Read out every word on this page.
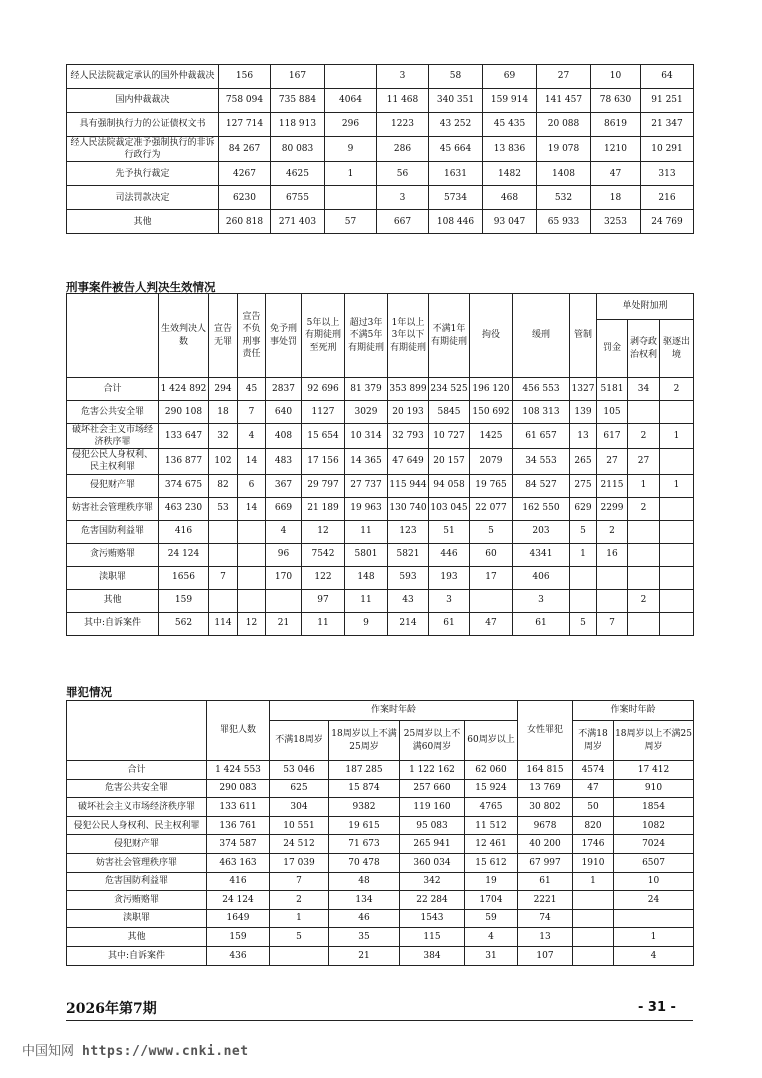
经人民法院裁定承认的国外仲裁裁决	156	167		3	58	69	27	10	64
国内仲裁裁决	758 094	735 884	4064	11 468	340 351	159 914	141 457	78 630	91 251
具有强制执行力的公证债权文书	127 714	118 913	296	1223	43 252	45 435	20 088	8619	21 347
经人民法院裁定准予强制执行的非诉行政行为	84 267	80 083	9	286	45 664	13 836	19 078	1210	10 291
先予执行裁定	4267	4625	1	56	1631	1482	1408	47	313
司法罚款决定	6230	6755		3	5734	468	532	18	216
其他	260 818	271 403	57	667	108 446	93 047	65 933	3253	24 769
刑事案件被告人判决生效情况
	生效判决人数	宣告无罪	宣告不负刑事责任	免予刑事处罚	5年以上有期徒刑至死刑	超过3年不满5年有期徒刑	1年以上3年以下有期徒刑	不满1年有期徒刑	拘役	缓刑	管制	单处附加刑		
												罚金	剥夺政治权利	驱逐出境
合计	1 424 892	294	45	2837	92 696	81 379	353 899	234 525	196 120	456 553	1327	5181	34	2
危害公共安全罪	290 108	18	7	640	1127	3029	20 193	5845	150 692	108 313	139	105		
破坏社会主义市场经济秩序罪	133 647	32	4	408	15 654	10 314	32 793	10 727	1425	61 657	13	617	2	1
侵犯公民人身权利、民主权利罪	136 877	102	14	483	17 156	14 365	47 649	20 157	2079	34 553	265	27	27	
侵犯财产罪	374 675	82	6	367	29 797	27 737	115 944	94 058	19 765	84 527	275	2115	1	1
妨害社会管理秩序罪	463 230	53	14	669	21 189	19 963	130 740	103 045	22 077	162 550	629	2299	2	
危害国防利益罪	416			4	12	11	123	51	5	203	5	2		
贪污贿赂罪	24 124			96	7542	5801	5821	446	60	4341	1	16		
渎职罪	1656	7		170	122	148	593	193	17	406				
其他	159				97	11	43	3		3			2	
其中:自诉案件	562	114	12	21	11	9	214	61	47	61	5	7		
罪犯情况
	罪犯人数	作案时年龄				女性罪犯	作案时年龄	
		不满18周岁	18周岁以上不满25周岁	25周岁以上不满60周岁	60周岁以上		不满18周岁	18周岁以上不满25周岁
合计	1 424 553	53 046	187 285	1 122 162	62 060	164 815	4574	17 412
危害公共安全罪	290 083	625	15 874	257 660	15 924	13 769	47	910
破坏社会主义市场经济秩序罪	133 611	304	9382	119 160	4765	30 802	50	1854
侵犯公民人身权利、民主权利罪	136 761	10 551	19 615	95 083	11 512	9678	820	1082
侵犯财产罪	374 587	24 512	71 673	265 941	12 461	40 200	1746	7024
妨害社会管理秩序罪	463 163	17 039	70 478	360 034	15 612	67 997	1910	6507
危害国防利益罪	416	7	48	342	19	61	1	10
贪污贿赂罪	24 124	2	134	22 284	1704	2221		24
渎职罪	1649	1	46	1543	59	74		
其他	159	5	35	115	4	13		1
其中:自诉案件	436		21	384	31	107		4
2026年第7期	- 31 -
中国知网 https://www.cnki.net
